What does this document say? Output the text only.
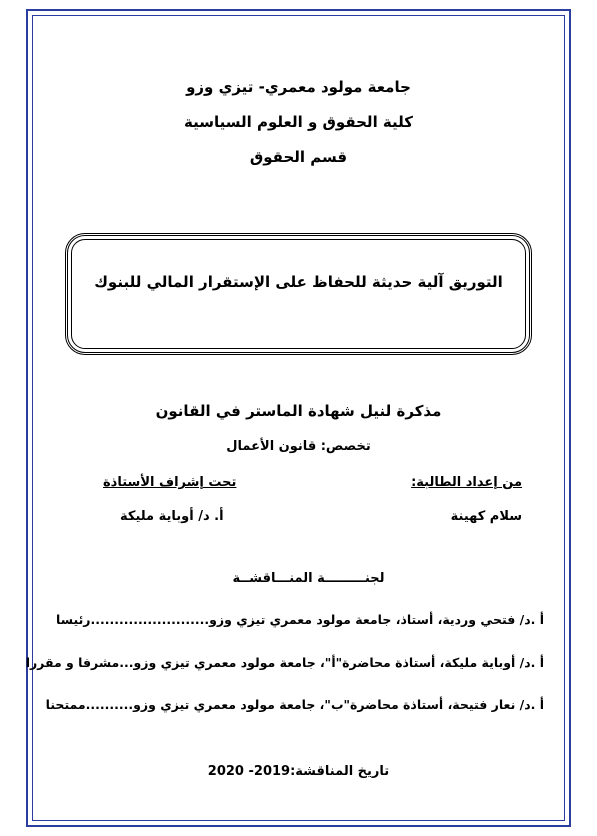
جامعة مولود معمري- تيزي وزو
كلية الحقوق و العلوم السياسية
قسم الحقوق
التوريق آلية حديثة للحفاظ على الإستقرار المالي للبنوك
مذكرة لنيل شهادة الماستر في القانون
تخصص: قانون الأعمال
من إعداد الطالبة:
سلام كهينة
تحت إشراف الأستاذة
أ. د/ أوباية مليكة
لجنـــــــــة المنـــاقشــة
أ .د/ فتحي وردية، أستاذ، جامعة مولود معمري تيزي وزو.........................رئيسا
أ .د/ أوباية مليكة، أستاذة محاضرة"أ"، جامعة مولود معمري تيزي وزو...مشرفا و مقررا
أ .د/ نعار فتيحة، أستاذة محاضرة"ب"، جامعة مولود معمري تيزي وزو..........ممتحنا
تاريخ المناقشة:2019- 2020
